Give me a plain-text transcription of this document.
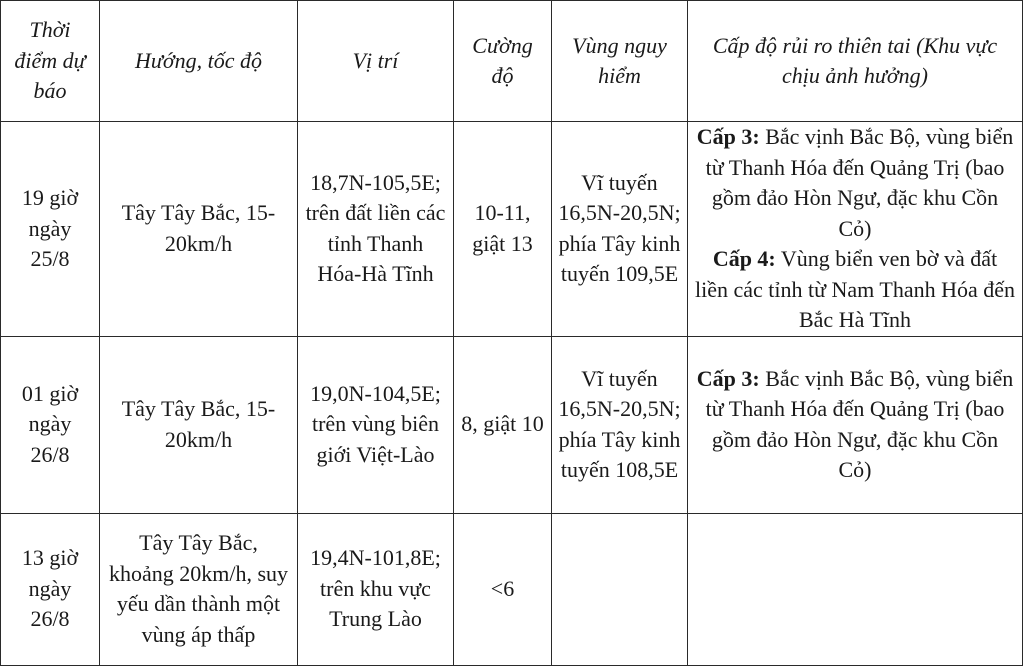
Thời điểm dự báo	Hướng, tốc độ	Vị trí	Cường độ	Vùng nguy hiểm	Cấp độ rủi ro thiên tai (Khu vực chịu ảnh hưởng)
19 giờ ngày 25/8	Tây Tây Bắc, 15- 20km/h	18,7N-105,5E; trên đất liền các tỉnh Thanh Hóa-Hà Tĩnh	10-11, giật 13	Vĩ tuyến 16,5N-20,5N; phía Tây kinh tuyến 109,5E	Cấp 3: Bắc vịnh Bắc Bộ, vùng biển từ Thanh Hóa đến Quảng Trị (bao gồm đảo Hòn Ngư, đặc khu Cồn Cỏ)
Cấp 4: Vùng biển ven bờ và đất liền các tỉnh từ Nam Thanh Hóa đến Bắc Hà Tĩnh

01 giờ ngày 26/8	Tây Tây Bắc, 15- 20km/h	19,0N-104,5E; trên vùng biên giới Việt-Lào	8, giật 10	Vĩ tuyến 16,5N-20,5N; phía Tây kinh tuyến 108,5E	Cấp 3: Bắc vịnh Bắc Bộ, vùng biển từ Thanh Hóa đến Quảng Trị (bao gồm đảo Hòn Ngư, đặc khu Cồn Cỏ)

13 giờ ngày 26/8	Tây Tây Bắc, khoảng 20km/h, suy yếu dần thành một vùng áp thấp	19,4N-101,8E; trên khu vực Trung Lào	<6		
